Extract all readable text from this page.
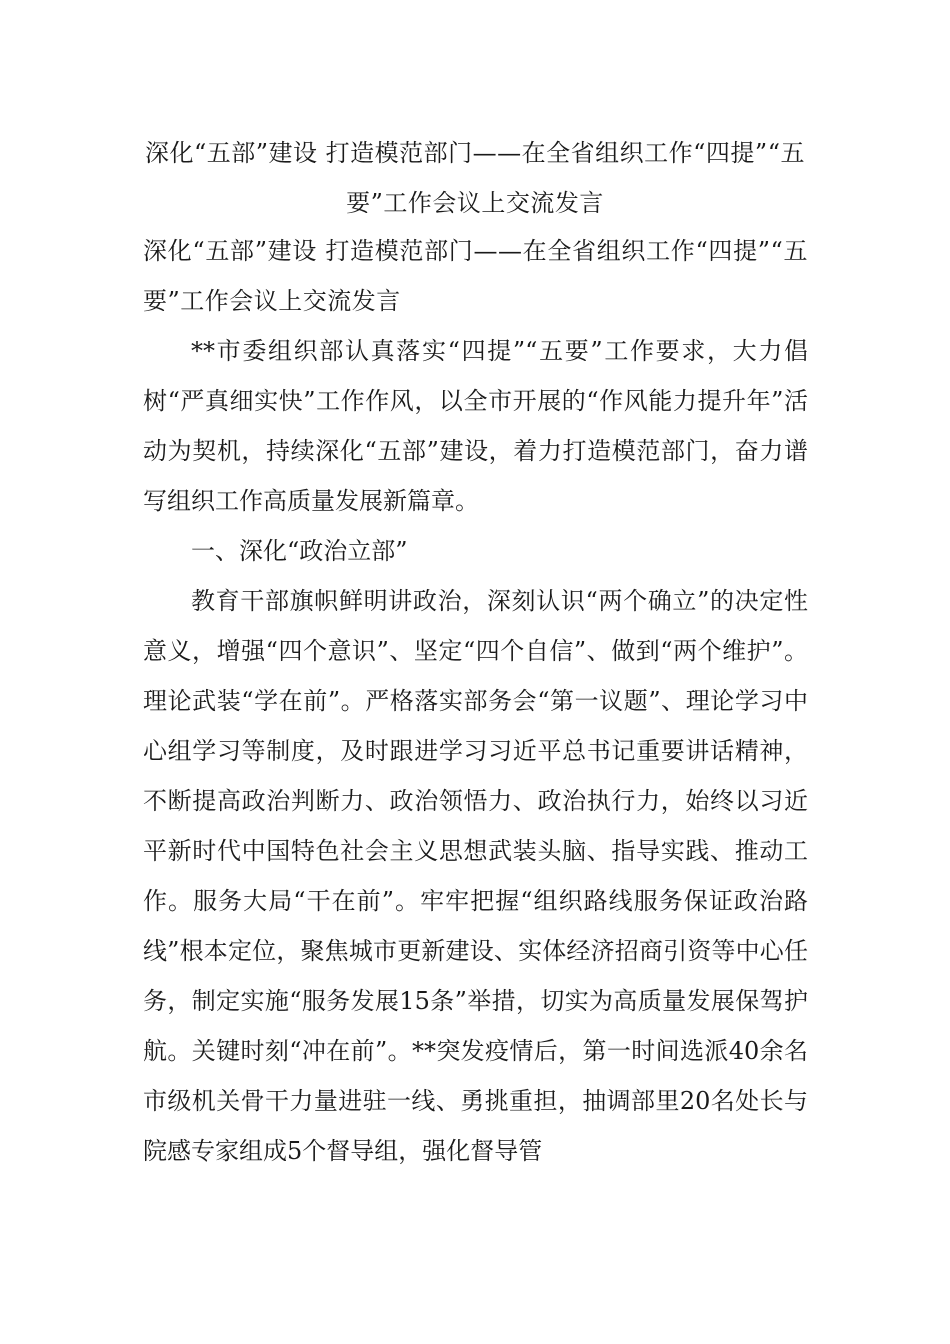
深化“五部”建设 打造模范部门——在全省组织工作“四提”“五要”工作会议上交流发言

深化“五部”建设 打造模范部门——在全省组织工作“四提”“五要”工作会议上交流发言

**市委组织部认真落实“四提”“五要”工作要求，大力倡树“严真细实快”工作作风，以全市开展的“作风能力提升年”活动为契机，持续深化“五部”建设，着力打造模范部门，奋力谱写组织工作高质量发展新篇章。

一、深化“政治立部”

教育干部旗帜鲜明讲政治，深刻认识“两个确立”的决定性意义，增强“四个意识”、坚定“四个自信”、做到“两个维护”。理论武装“学在前”。严格落实部务会“第一议题”、理论学习中心组学习等制度，及时跟进学习习近平总书记重要讲话精神，不断提高政治判断力、政治领悟力、政治执行力，始终以习近平新时代中国特色社会主义思想武装头脑、指导实践、推动工作。服务大局“干在前”。牢牢把握“组织路线服务保证政治路线”根本定位，聚焦城市更新建设、实体经济招商引资等中心任务，制定实施“服务发展15条”举措，切实为高质量发展保驾护航。关键时刻“冲在前”。**突发疫情后，第一时间选派40余名市级机关骨干力量进驻一线、勇挑重担，抽调部里20名处长与院感专家组成5个督导组，强化督导管
